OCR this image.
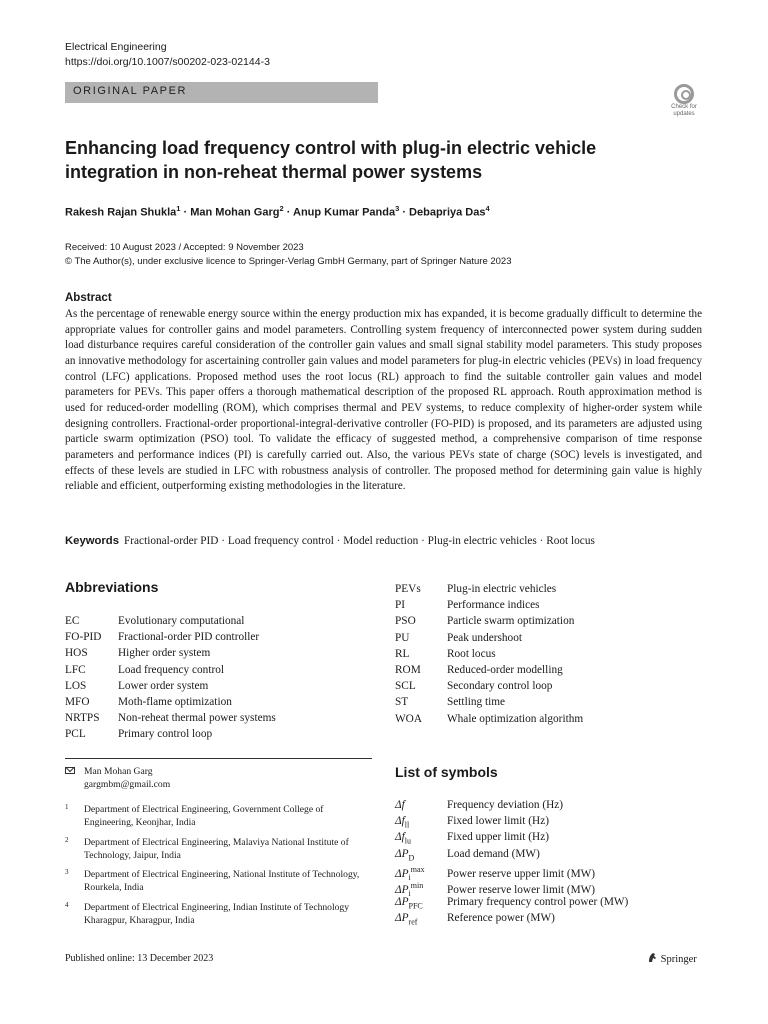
Electrical Engineering
https://doi.org/10.1007/s00202-023-02144-3
ORIGINAL PAPER
Check for
updates
Enhancing load frequency control with plug-in electric vehicle integration in non-reheat thermal power systems
Rakesh Rajan Shukla$^1$ · Man Mohan Garg$^2$ · Anup Kumar Panda$^3$ · Debapriya Das$^4$
Received: 10 August 2023 / Accepted: 9 November 2023
© The Author(s), under exclusive licence to Springer-Verlag GmbH Germany, part of Springer Nature 2023
Abstract
As the percentage of renewable energy source within the energy production mix has expanded, it is become gradually difficult to determine the appropriate values for controller gains and model parameters. Controlling system frequency of interconnected power system during sudden load disturbance requires careful consideration of the controller gain values and small signal stability model parameters. This study proposes an innovative methodology for ascertaining controller gain values and model parameters for plug-in electric vehicles (PEVs) in load frequency control (LFC) applications. Proposed method uses the root locus (RL) approach to find the suitable controller gain values and model parameters for PEVs. This paper offers a thorough mathematical description of the proposed RL approach. Routh approximation method is used for reduced-order modelling (ROM), which comprises thermal and PEV systems, to reduce complexity of higher-order system while designing controllers. Fractional-order proportional-integral-derivative controller (FO-PID) is proposed, and its parameters are adjusted using particle swarm optimization (PSO) tool. To validate the efficacy of suggested method, a comprehensive comparison of time response parameters and performance indices (PI) is carefully carried out. Also, the various PEVs state of charge (SOC) levels is investigated, and effects of these levels are studied in LFC with robustness analysis of controller. The proposed method for determining gain value is highly reliable and efficient, outperforming existing methodologies in the literature.
Keywords Fractional-order PID · Load frequency control · Model reduction · Plug-in electric vehicles · Root locus
Abbreviations
EC	Evolutionary computational
FO-PID Fractional-order PID controller
HOS	Higher order system
LFC	Load frequency control
LOS	Lower order system
MFO	Moth-flame optimization
NRTPS Non-reheat thermal power systems
PCL	Primary control loop
PEVs Plug-in electric vehicles
PI	Performance indices
PSO	Particle swarm optimization
PU	Peak undershoot
RL	Root locus
ROM Reduced-order modelling
SCL	Secondary control loop
ST	Settling time
WOA Whale optimization algorithm
Man Mohan Garg
gargmbm@gmail.com
1 Department of Electrical Engineering, Government College of Engineering, Keonjhar, India
2 Department of Electrical Engineering, Malaviya National Institute of Technology, Jaipur, India
3 Department of Electrical Engineering, National Institute of Technology, Rourkela, India
4 Department of Electrical Engineering, Indian Institute of Technology Kharagpur, Kharagpur, India
List of symbols
Δf	Frequency deviation (Hz)
$\Delta f_{ll}$	Fixed lower limit (Hz)
$\Delta f_{lu}$	Fixed upper limit (Hz)
$\Delta P_D$	Load demand (MW)
$\Delta P_i^{max}$ Power reserve upper limit (MW)
$\Delta P_i^{min}$ Power reserve lower limit (MW)
$\Delta P_{PFC}$ Primary frequency control power (MW)
$\Delta P_{ref}$	Reference power (MW)
Published online: 13 December 2023	Springer
